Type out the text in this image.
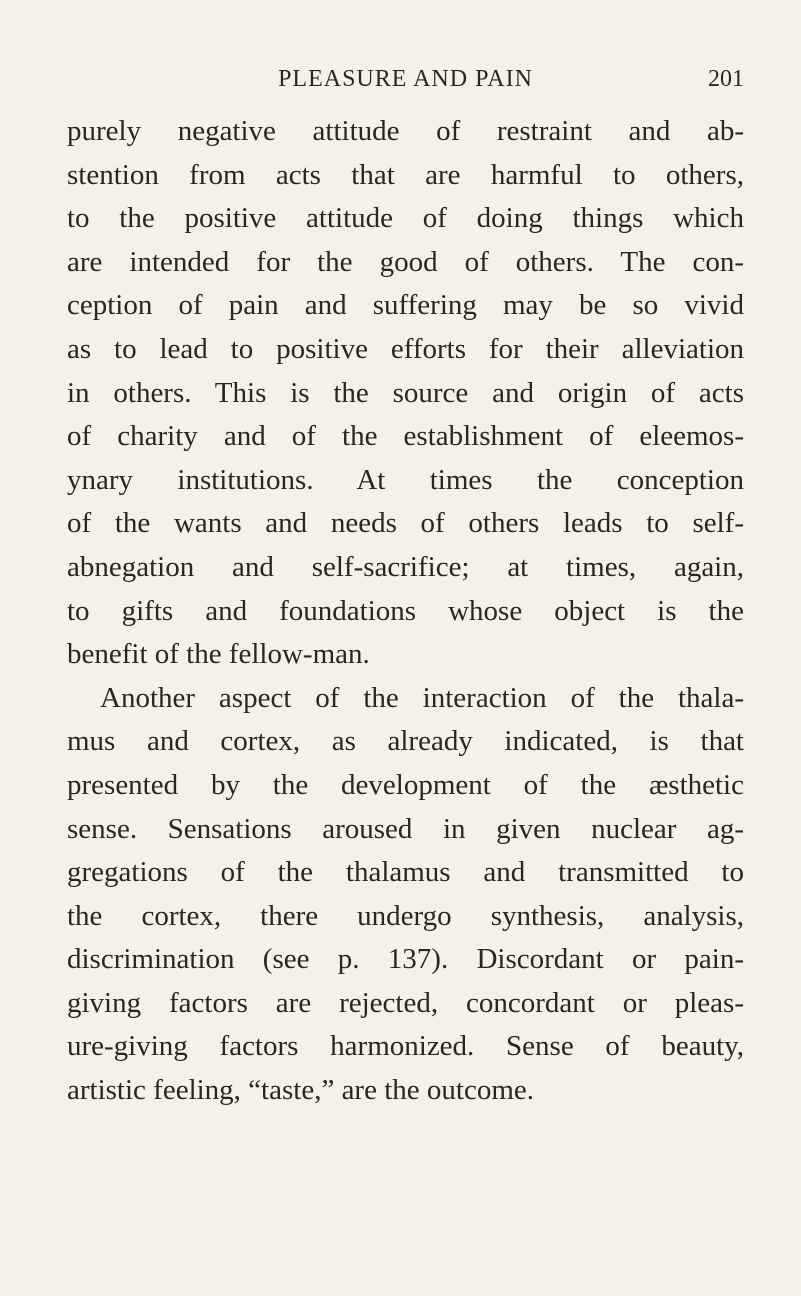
PLEASURE AND PAIN	201
purely negative attitude of restraint and ab-
stention from acts that are harmful to others,
to the positive attitude of doing things which
are intended for the good of others. The con-
ception of pain and suffering may be so vivid
as to lead to positive efforts for their alleviation
in others. This is the source and origin of acts
of charity and of the establishment of eleemos-
ynary institutions. At times the conception
of the wants and needs of others leads to self-
abnegation and self-sacrifice; at times, again,
to gifts and foundations whose object is the
benefit of the fellow-man.
Another aspect of the interaction of the thala-
mus and cortex, as already indicated, is that
presented by the development of the æsthetic
sense. Sensations aroused in given nuclear ag-
gregations of the thalamus and transmitted to
the cortex, there undergo synthesis, analysis,
discrimination (see p. 137). Discordant or pain-
giving factors are rejected, concordant or pleas-
ure-giving factors harmonized. Sense of beauty,
artistic feeling, “taste,” are the outcome.
